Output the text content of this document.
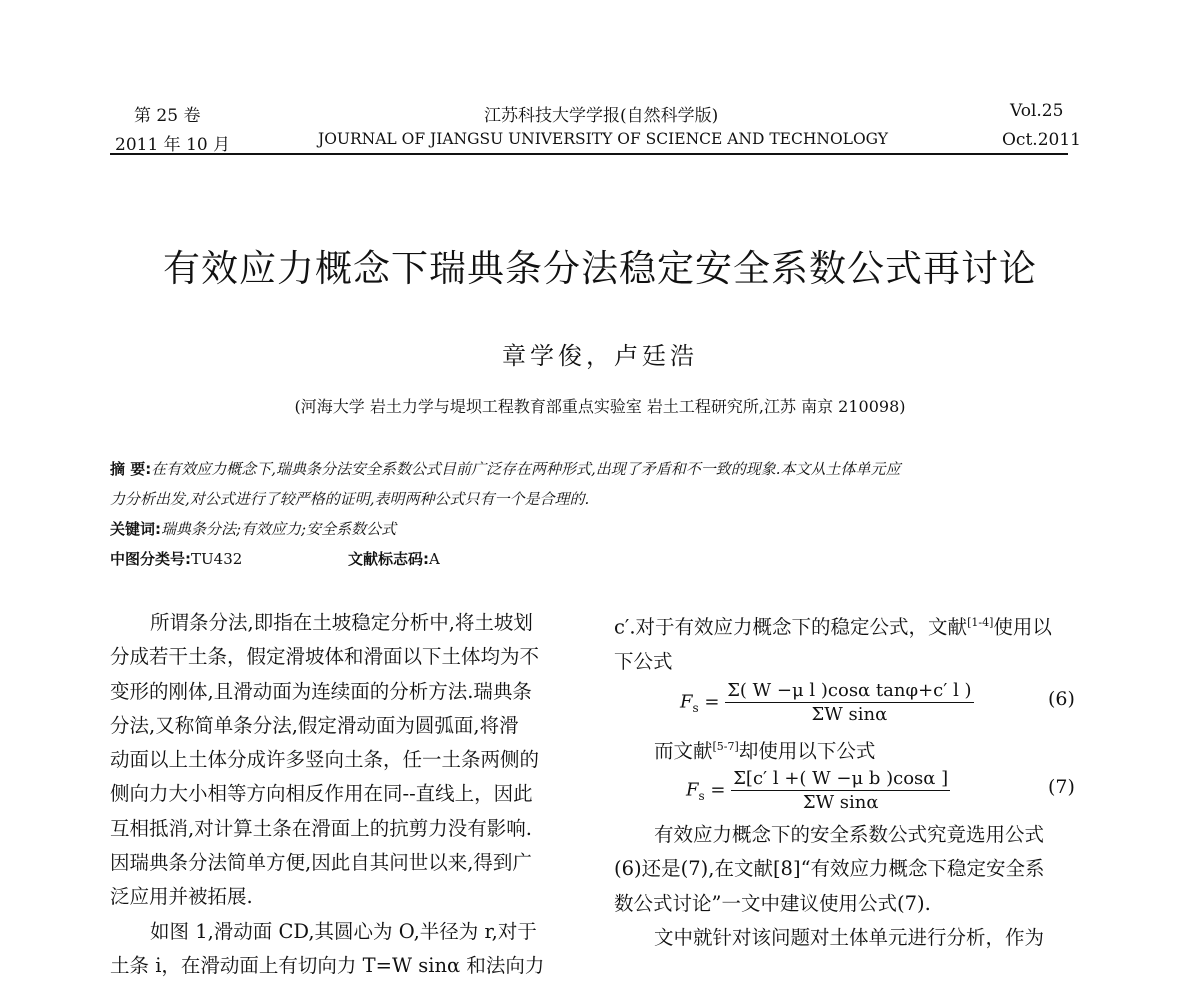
第 25 卷	江苏科技大学学报(自然科学版)	Vol.25
2011 年 10 月	JOURNAL OF JIANGSU UNIVERSITY OF SCIENCE AND TECHNOLOGY	Oct.2011
有效应力概念下瑞典条分法稳定安全系数公式再讨论
章学俊，卢廷浩
(河海大学 岩土力学与堤坝工程教育部重点实验室 岩土工程研究所,江苏 南京 210098)
摘 要:在有效应力概念下,瑞典条分法安全系数公式目前广泛存在两种形式,出现了矛盾和不一致的现象.本文从土体单元应
力分析出发,对公式进行了较严格的证明,表明两种公式只有一个是合理的.
关键词:瑞典条分法;有效应力;安全系数公式
中图分类号:TU432	文献标志码:A
所谓条分法,即指在土坡稳定分析中,将土坡划
分成若干土条，假定滑坡体和滑面以下土体均为不
变形的刚体,且滑动面为连续面的分析方法.瑞典条
分法,又称简单条分法,假定滑动面为圆弧面,将滑
动面以上土体分成许多竖向土条，任一土条两侧的
侧向力大小相等方向相反作用在同--直线上，因此
互相抵消,对计算土条在滑面上的抗剪力没有影响.
因瑞典条分法简单方便,因此自其问世以来,得到广
泛应用并被拓展.
如图 1,滑动面 CD,其圆心为 O,半径为 r,对于
土条 i，在滑动面上有切向力 T=W sinα 和法向力
c′.对于有效应力概念下的稳定公式，文献[1-4]使用以
下公式
$F_s = \frac{\text{Σ( W −μ l )cosα tanφ+c′ l )}}{\text{ΣW sinα}}$	(6)
而文献[5-7]却使用以下公式
$F_s = \frac{\text{Σ[c′ l +( W −μ b )cosα ]}}{\text{ΣW sinα}}$	(7)
有效应力概念下的安全系数公式究竟选用公式
(6)还是(7),在文献[8]“有效应力概念下稳定安全系
数公式讨论”一文中建议使用公式(7).
文中就针对该问题对土体单元进行分析，作为
